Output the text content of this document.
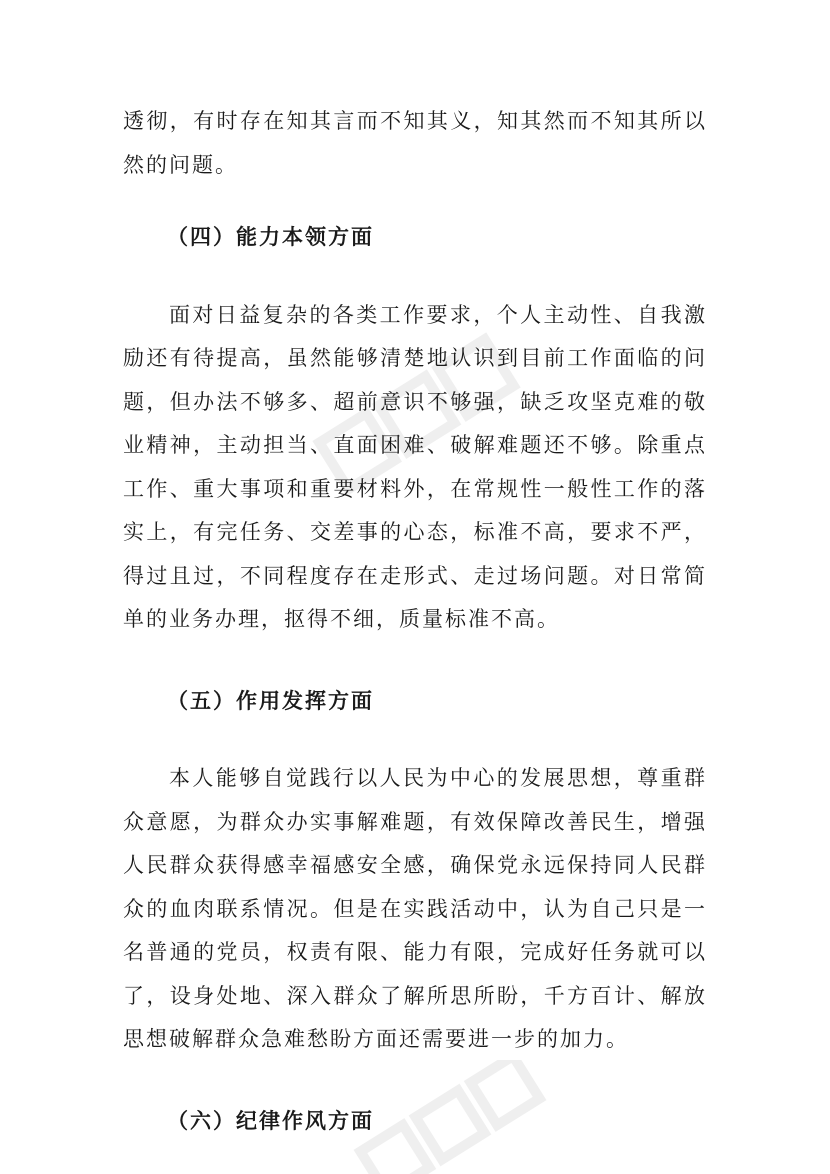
透彻，有时存在知其言而不知其义，知其然而不知其所以然的问题。

（四）能力本领方面

面对日益复杂的各类工作要求，个人主动性、自我激励还有待提高，虽然能够清楚地认识到目前工作面临的问题，但办法不够多、超前意识不够强，缺乏攻坚克难的敬业精神，主动担当、直面困难、破解难题还不够。除重点工作、重大事项和重要材料外，在常规性一般性工作的落实上，有完任务、交差事的心态，标准不高，要求不严，得过且过，不同程度存在走形式、走过场问题。对日常简单的业务办理，抠得不细，质量标准不高。

（五）作用发挥方面

本人能够自觉践行以人民为中心的发展思想，尊重群众意愿，为群众办实事解难题，有效保障改善民生，增强人民群众获得感幸福感安全感，确保党永远保持同人民群众的血肉联系情况。但是在实践活动中，认为自己只是一名普通的党员，权责有限、能力有限，完成好任务就可以了，设身处地、深入群众了解所思所盼，千方百计、解放思想破解群众急难愁盼方面还需要进一步的加力。

（六）纪律作风方面
